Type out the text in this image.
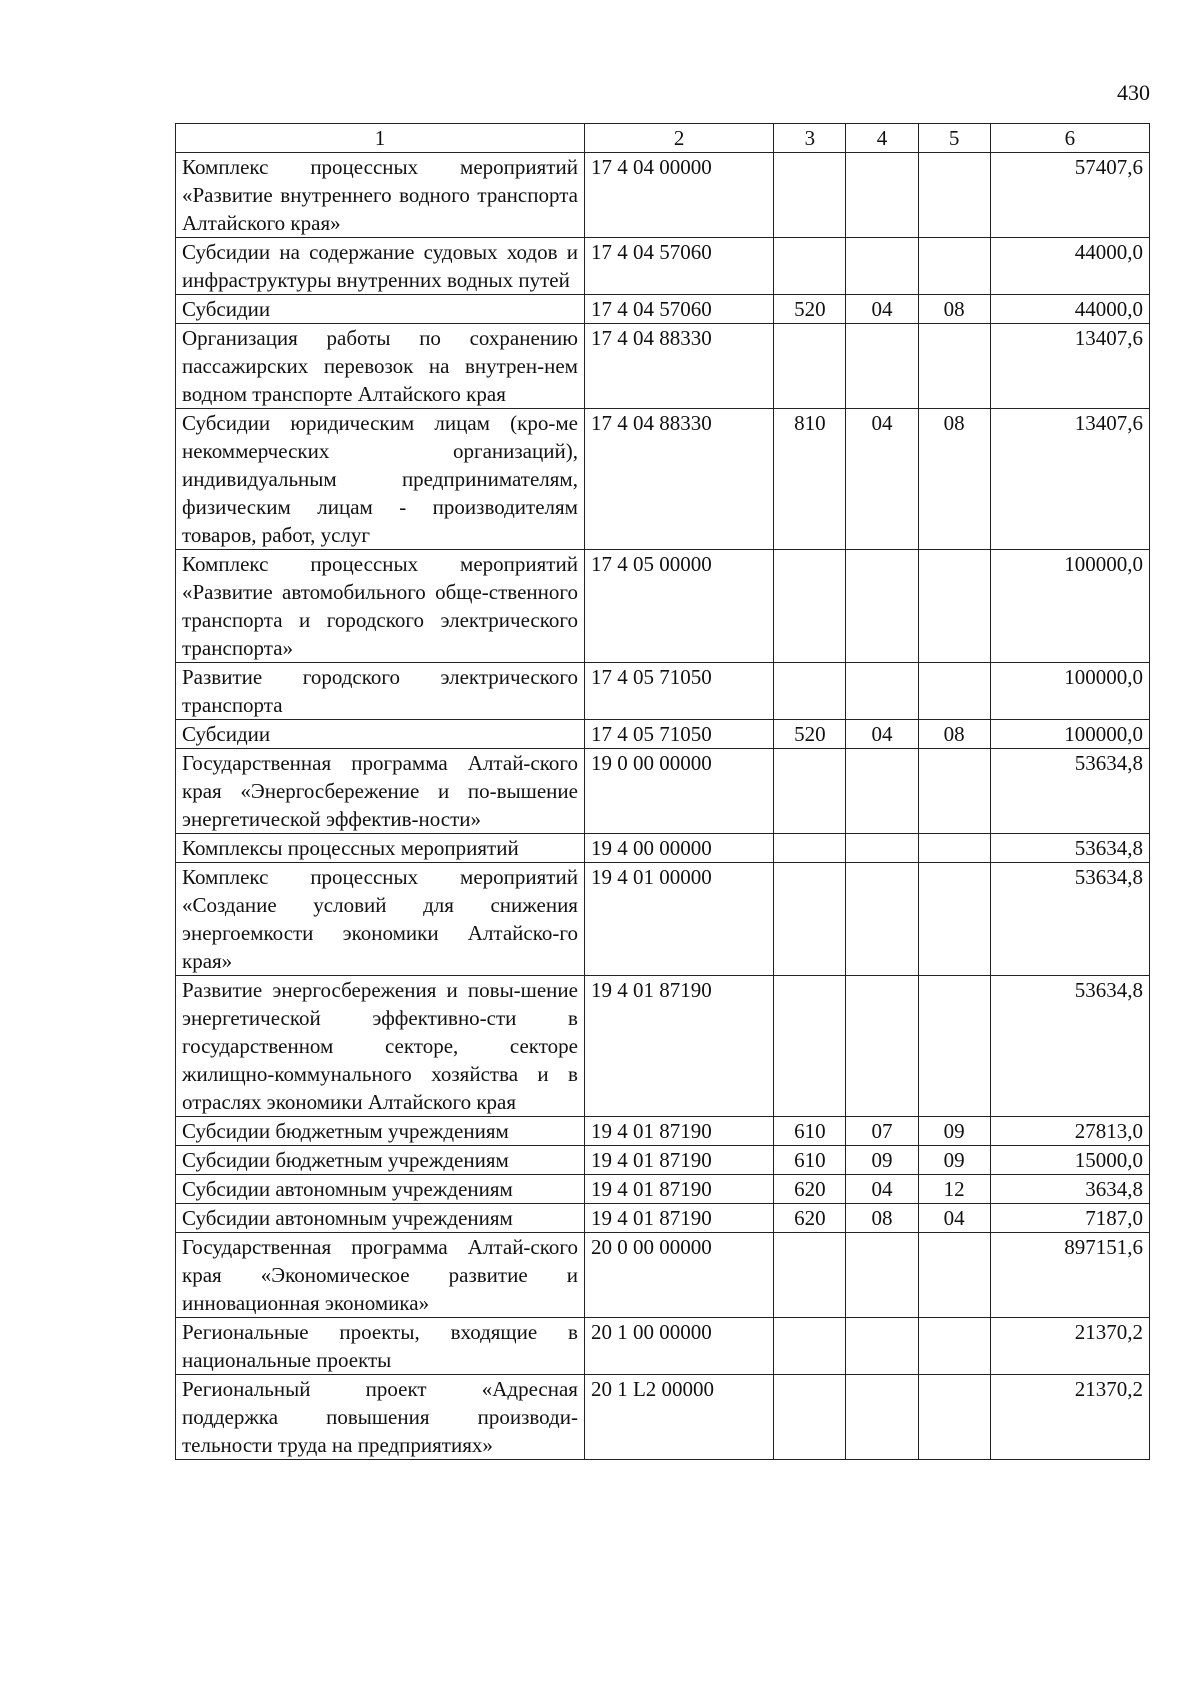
430
1	2	3	4	5	6
Комплекс процессных мероприятий «Развитие внутреннего водного транспорта Алтайского края»	17 4 04 00000				57407,6
Субсидии на содержание судовых ходов и инфраструктуры внутренних водных путей	17 4 04 57060				44000,0
Субсидии	17 4 04 57060	520	04	08	44000,0
Организация работы по сохранению пассажирских перевозок на внутрен-нем водном транспорте Алтайского края	17 4 04 88330				13407,6
Субсидии юридическим лицам (кро-ме некоммерческих организаций), индивидуальным предпринимателям, физическим лицам - производителям товаров, работ, услуг	17 4 04 88330	810	04	08	13407,6
Комплекс процессных мероприятий «Развитие автомобильного обще-ственного транспорта и городского электрического транспорта»	17 4 05 00000				100000,0
Развитие городского электрического транспорта	17 4 05 71050				100000,0
Субсидии	17 4 05 71050	520	04	08	100000,0
Государственная программа Алтай-ского края «Энергосбережение и по-вышение энергетической эффектив-ности»	19 0 00 00000				53634,8
Комплексы процессных мероприятий	19 4 00 00000				53634,8
Комплекс процессных мероприятий «Создание условий для снижения энергоемкости экономики Алтайско-го края»	19 4 01 00000				53634,8
Развитие энергосбережения и повы-шение энергетической эффективно-сти в государственном секторе, секторе жилищно-коммунального хозяйства и в отраслях экономики Алтайского края	19 4 01 87190				53634,8
Субсидии бюджетным учреждениям	19 4 01 87190	610	07	09	27813,0
Субсидии бюджетным учреждениям	19 4 01 87190	610	09	09	15000,0
Субсидии автономным учреждениям	19 4 01 87190	620	04	12	3634,8
Субсидии автономным учреждениям	19 4 01 87190	620	08	04	7187,0
Государственная программа Алтай-ского края «Экономическое развитие и инновационная экономика»	20 0 00 00000				897151,6
Региональные проекты, входящие в национальные проекты	20 1 00 00000				21370,2
Региональный проект «Адресная поддержка повышения производи-тельности труда на предприятиях»	20 1 L2 00000				21370,2
